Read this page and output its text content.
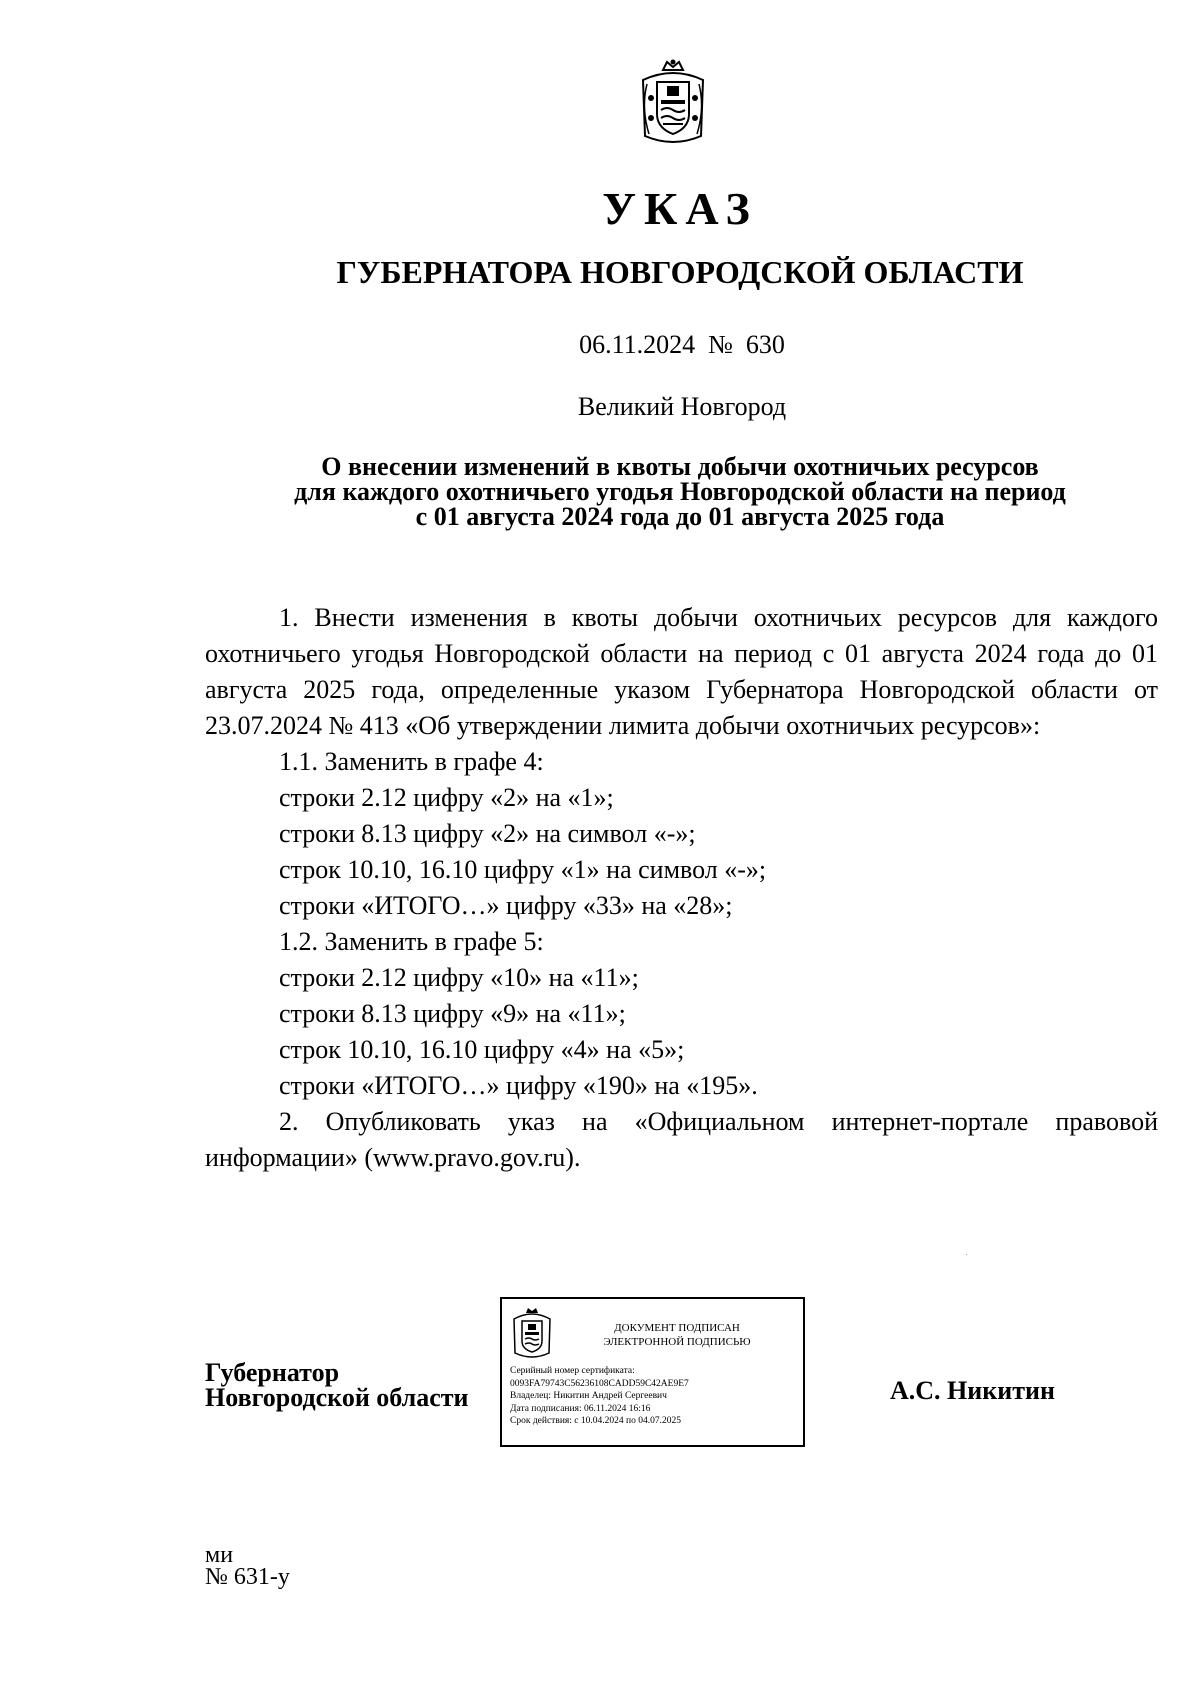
УКАЗ
ГУБЕРНАТОРА НОВГОРОДСКОЙ ОБЛАСТИ
06.11.2024 № 630
Великий Новгород
О внесении изменений в квоты добычи охотничьих ресурсов
для каждого охотничьего угодья Новгородской области на период
с 01 августа 2024 года до 01 августа 2025 года

1. Внести изменения в квоты добычи охотничьих ресурсов для каждого охотничьего угодья Новгородской области на период с 01 августа 2024 года до 01 августа 2025 года, определенные указом Губернатора Новгородской области от 23.07.2024 № 413 «Об утверждении лимита добычи охотничьих ресурсов»:

1.1. Заменить в графе 4:

строки 2.12 цифру «2» на «1»;

строки 8.13 цифру «2» на символ «-»;

строк 10.10, 16.10 цифру «1» на символ «-»;

строки «ИТОГО…» цифру «33» на «28»;

1.2. Заменить в графе 5:

строки 2.12 цифру «10» на «11»;

строки 8.13 цифру «9» на «11»;

строк 10.10, 16.10 цифру «4» на «5»;

строки «ИТОГО…» цифру «190» на «195».

2. Опубликовать указ на «Официальном интернет-портале правовой информации» (www.pravo.gov.ru).

Губернатор
Новгородской области
ДОКУМЕНТ ПОДПИСАН
ЭЛЕКТРОННОЙ ПОДПИСЬЮ
Серийный номер сертификата:
0093FA79743C56236108CADD59C42AE9E7
Владелец: Никитин Андрей Сергеевич
Дата подписания: 06.11.2024 16:16
Срок действия: с 10.04.2024 по 04.07.2025
А.С. Никитин
ми
№ 631-у
